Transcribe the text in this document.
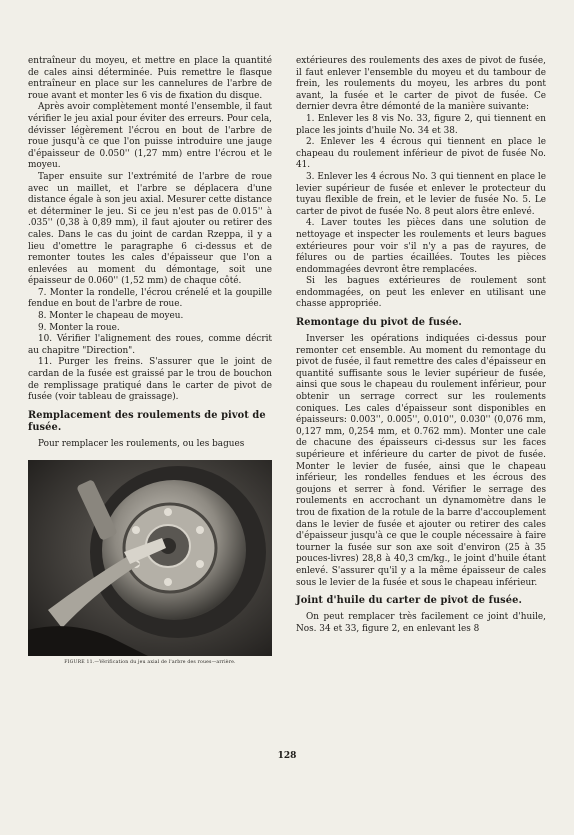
entraîneur du moyeu, et mettre en place la quantité de cales ainsi déterminée. Puis remettre le flasque entraîneur en place sur les cannelures de l'arbre de roue avant et monter les 6 vis de fixation du disque.

Après avoir complètement monté l'ensemble, il faut vérifier le jeu axial pour éviter des erreurs. Pour cela, dévisser légèrement l'écrou en bout de l'arbre de roue jusqu'à ce que l'on puisse introduire une jauge d'épaisseur de 0.050'' (1,27 mm) entre l'écrou et le moyeu.

Taper ensuite sur l'extrémité de l'arbre de roue avec un maillet, et l'arbre se déplacera d'une distance égale à son jeu axial. Mesurer cette distance et déterminer le jeu. Si ce jeu n'est pas de 0.015'' à .035'' (0,38 à 0,89 mm), il faut ajouter ou retirer des cales. Dans le cas du joint de cardan Rzeppa, il y a lieu d'omettre le paragraphe 6 ci-dessus et de remonter toutes les cales d'épaisseur que l'on a enlevées au moment du démontage, soit une épaisseur de 0.060'' (1,52 mm) de chaque côté.

7. Monter la rondelle, l'écrou crénelé et la goupille fendue en bout de l'arbre de roue.

8. Monter le chapeau de moyeu.

9. Monter la roue.

10. Vérifier l'alignement des roues, comme décrit au chapitre "Direction".

11. Purger les freins. S'assurer que le joint de cardan de la fusée est graissé par le trou de bouchon de remplissage pratiqué dans le carter de pivot de fusée (voir tableau de graissage).

Remplacement des roulements de pivot de fusée.

Pour remplacer les roulements, ou les bagues

FIGURE 11.—Vérification du jeu axial de l'arbre des roues—arrière.

extérieures des roulements des axes de pivot de fusée, il faut enlever l'ensemble du moyeu et du tambour de frein, les roulements du moyeu, les arbres du pont avant, la fusée et le carter de pivot de fusée. Ce dernier devra être démonté de la manière suivante:

1. Enlever les 8 vis No. 33, figure 2, qui tiennent en place les joints d'huile No. 34 et 38.

2. Enlever les 4 écrous qui tiennent en place le chapeau du roulement inférieur de pivot de fusée No. 41.

3. Enlever les 4 écrous No. 3 qui tiennent en place le levier supérieur de fusée et enlever le protecteur du tuyau flexible de frein, et le levier de fusée No. 5. Le carter de pivot de fusée No. 8 peut alors être enlevé.

4. Laver toutes les pièces dans une solution de nettoyage et inspecter les roulements et leurs bagues extérieures pour voir s'il n'y a pas de rayures, de félures ou de parties écaillées. Toutes les pièces endommagées devront être remplacées.

Si les bagues extérieures de roulement sont endommagées, on peut les enlever en utilisant une chasse appropriée.

Remontage du pivot de fusée.

Inverser les opérations indiquées ci-dessus pour remonter cet ensemble. Au moment du remontage du pivot de fusée, il faut remettre des cales d'épaisseur en quantité suffisante sous le levier supérieur de fusée, ainsi que sous le chapeau du roulement inférieur, pour obtenir un serrage correct sur les roulements coniques. Les cales d'épaisseur sont disponibles en épaisseurs: 0.003'', 0.005'', 0.010'', 0.030'' (0,076 mm, 0,127 mm, 0,254 mm, et 0.762 mm). Monter une cale de chacune des épaisseurs ci-dessus sur les faces supérieure et inférieure du carter de pivot de fusée. Monter le levier de fusée, ainsi que le chapeau inférieur, les rondelles fendues et les écrous des goujons et serrer à fond. Vérifier le serrage des roulements en accrochant un dynamomètre dans le trou de fixation de la rotule de la barre d'accouplement dans le levier de fusée et ajouter ou retirer des cales d'épaisseur jusqu'à ce que le couple nécessaire à faire tourner la fusée sur son axe soit d'environ (25 à 35 pouces-livres) 28,8 à 40,3 cm/kg., le joint d'huile étant enlevé. S'assurer qu'il y a la même épaisseur de cales sous le levier de la fusée et sous le chapeau inférieur.

Joint d'huile du carter de pivot de fusée.

On peut remplacer très facilement ce joint d'huile, Nos. 34 et 33, figure 2, en enlevant les 8

128
